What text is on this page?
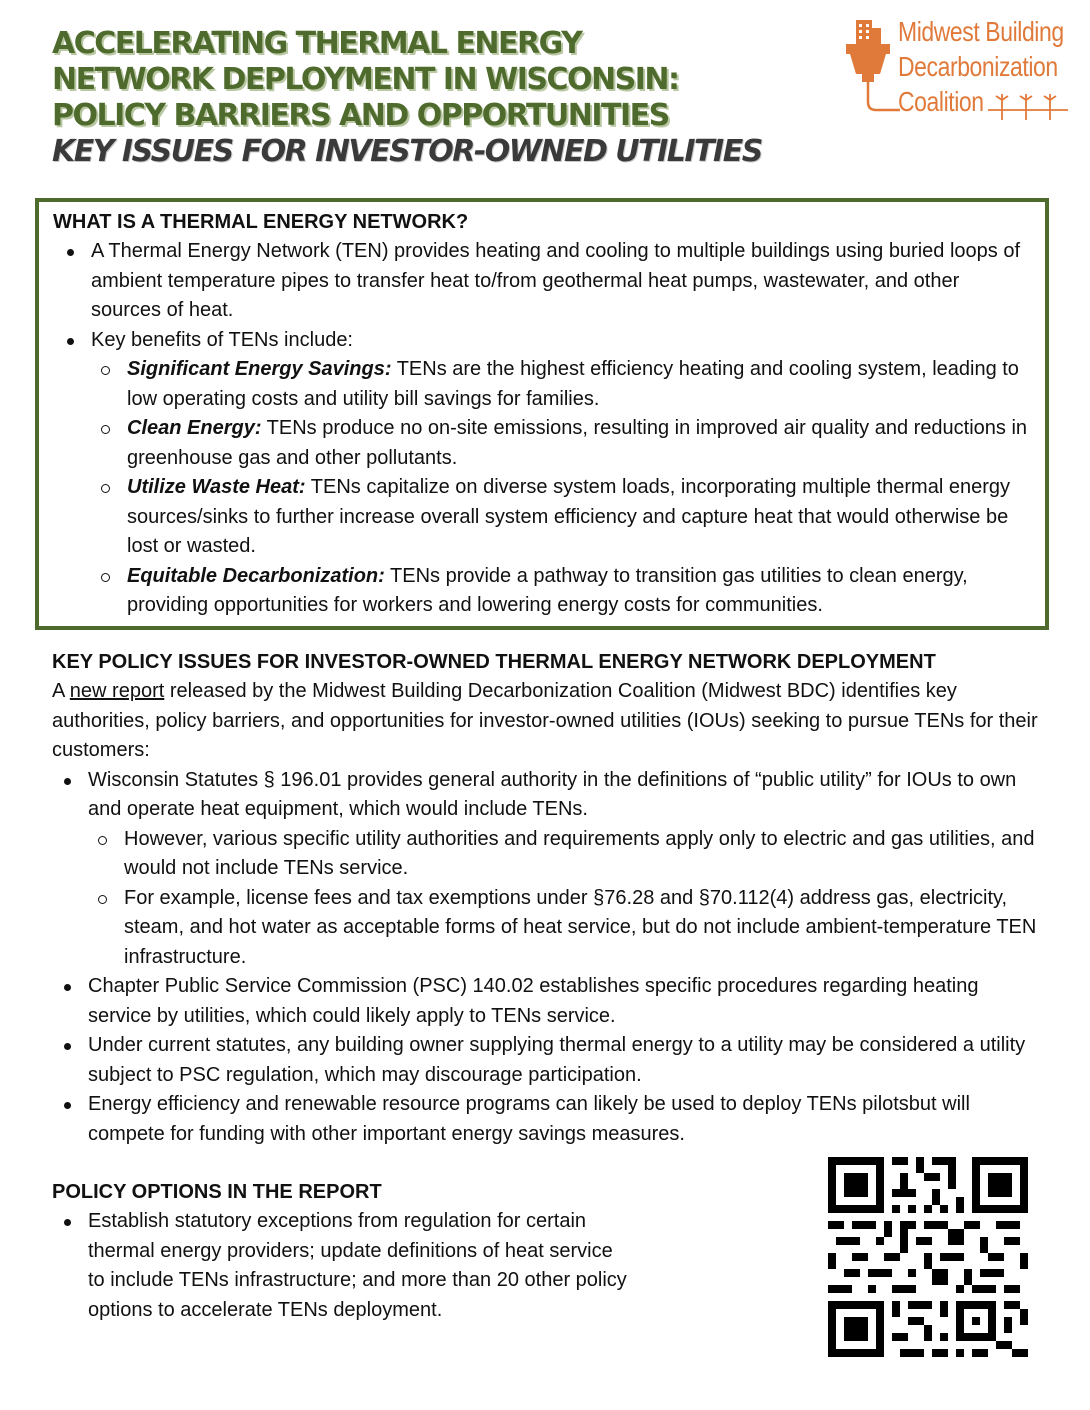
ACCELERATING THERMAL ENERGY
NETWORK DEPLOYMENT IN WISCONSIN:
POLICY BARRIERS AND OPPORTUNITIES
KEY ISSUES FOR INVESTOR-OWNED UTILITIES
Midwest Building
Decarbonization
Coalition
WHAT IS A THERMAL ENERGY NETWORK?
A Thermal Energy Network (TEN) provides heating and cooling to multiple buildings using buried loops of ambient temperature pipes to transfer heat to/from geothermal heat pumps, wastewater, and other sources of heat.
Key benefits of TENs include:
Significant Energy Savings: TENs are the highest efficiency heating and cooling system, leading to low operating costs and utility bill savings for families.
Clean Energy: TENs produce no on-site emissions, resulting in improved air quality and reductions in greenhouse gas and other pollutants.
Utilize Waste Heat: TENs capitalize on diverse system loads, incorporating multiple thermal energy sources/sinks to further increase overall system efficiency and capture heat that would otherwise be lost or wasted.
Equitable Decarbonization: TENs provide a pathway to transition gas utilities to clean energy, providing opportunities for workers and lowering energy costs for communities.
KEY POLICY ISSUES FOR INVESTOR-OWNED THERMAL ENERGY NETWORK DEPLOYMENT
A new report released by the Midwest Building Decarbonization Coalition (Midwest BDC) identifies key authorities, policy barriers, and opportunities for investor-owned utilities (IOUs) seeking to pursue TENs for their customers:
Wisconsin Statutes § 196.01 provides general authority in the definitions of “public utility” for IOUs to own and operate heat equipment, which would include TENs.
However, various specific utility authorities and requirements apply only to electric and gas utilities, and would not include TENs service.
For example, license fees and tax exemptions under §76.28 and §70.112(4) address gas, electricity, steam, and hot water as acceptable forms of heat service, but do not include ambient-temperature TEN infrastructure.
Chapter Public Service Commission (PSC) 140.02 establishes specific procedures regarding heating service by utilities, which could likely apply to TENs service.
Under current statutes, any building owner supplying thermal energy to a utility may be considered a utility subject to PSC regulation, which may discourage participation.
Energy efficiency and renewable resource programs can likely be used to deploy TENs pilotsbut will compete for funding with other important energy savings measures.
POLICY OPTIONS IN THE REPORT
Establish statutory exceptions from regulation for certain thermal energy providers; update definitions of heat service to include TENs infrastructure; and more than 20 other policy options to accelerate TENs deployment.
